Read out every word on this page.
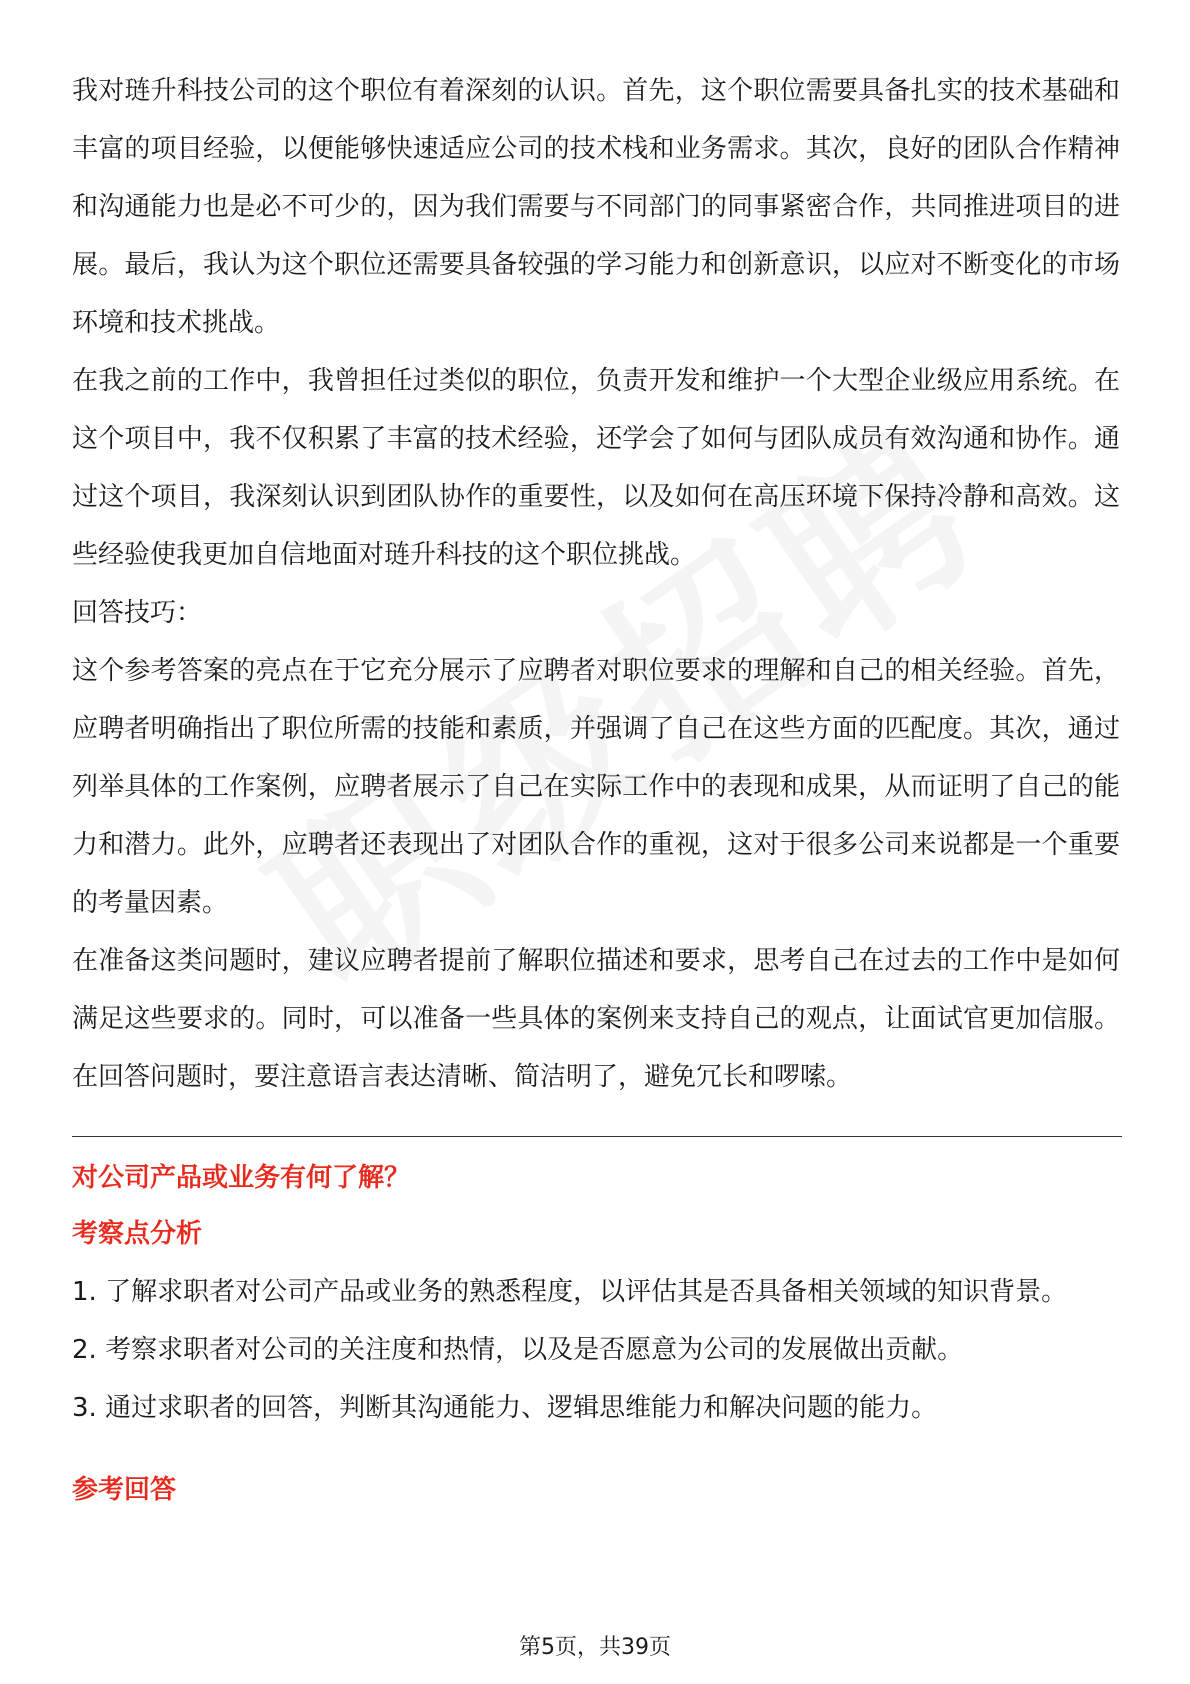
我对琏升科技公司的这个职位有着深刻的认识。首先，这个职位需要具备扎实的技术基础和丰富的项目经验，以便能够快速适应公司的技术栈和业务需求。其次，良好的团队合作精神和沟通能力也是必不可少的，因为我们需要与不同部门的同事紧密合作，共同推进项目的进展。最后，我认为这个职位还需要具备较强的学习能力和创新意识，以应对不断变化的市场环境和技术挑战。

在我之前的工作中，我曾担任过类似的职位，负责开发和维护一个大型企业级应用系统。在这个项目中，我不仅积累了丰富的技术经验，还学会了如何与团队成员有效沟通和协作。通过这个项目，我深刻认识到团队协作的重要性，以及如何在高压环境下保持冷静和高效。这些经验使我更加自信地面对琏升科技的这个职位挑战。

回答技巧：

这个参考答案的亮点在于它充分展示了应聘者对职位要求的理解和自己的相关经验。首先，应聘者明确指出了职位所需的技能和素质，并强调了自己在这些方面的匹配度。其次，通过列举具体的工作案例，应聘者展示了自己在实际工作中的表现和成果，从而证明了自己的能力和潜力。此外，应聘者还表现出了对团队合作的重视，这对于很多公司来说都是一个重要的考量因素。

在准备这类问题时，建议应聘者提前了解职位描述和要求，思考自己在过去的工作中是如何满足这些要求的。同时，可以准备一些具体的案例来支持自己的观点，让面试官更加信服。在回答问题时，要注意语言表达清晰、简洁明了，避免冗长和啰嗦。

对公司产品或业务有何了解？
考察点分析

1. 了解求职者对公司产品或业务的熟悉程度，以评估其是否具备相关领域的知识背景。

2. 考察求职者对公司的关注度和热情，以及是否愿意为公司的发展做出贡献。

3. 通过求职者的回答，判断其沟通能力、逻辑思维能力和解决问题的能力。

参考回答
第5页，共39页
